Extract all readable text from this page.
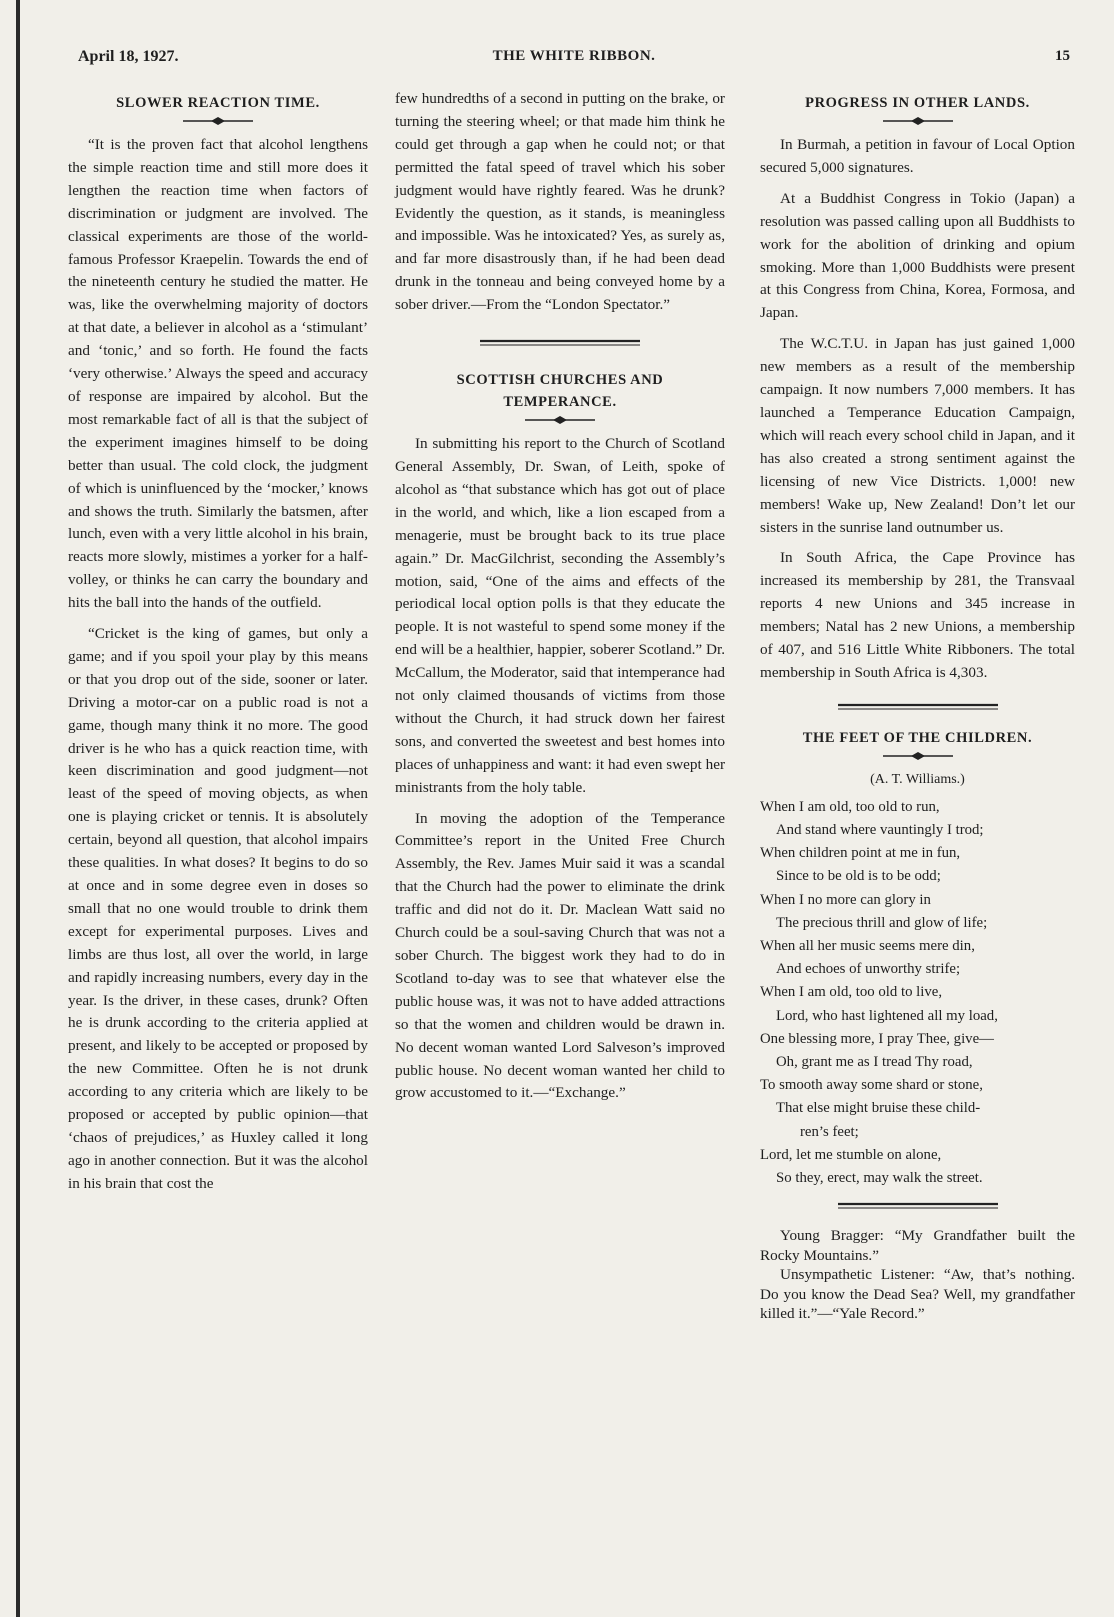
April 18, 1927.	THE WHITE RIBBON.	15
SLOWER REACTION TIME.

“It is the proven fact that alcohol lengthens the simple reaction time and still more does it lengthen the reaction time when factors of discrimination or judgment are involved. The classical experiments are those of the world-famous Professor Kraepelin. Towards the end of the nineteenth century he studied the matter. He was, like the overwhelming majority of doctors at that date, a believer in alcohol as a ‘stimulant’ and ‘tonic,’ and so forth. He found the facts ‘very otherwise.’ Always the speed and accuracy of response are impaired by alcohol. But the most remarkable fact of all is that the subject of the experiment imagines himself to be doing better than usual. The cold clock, the judgment of which is uninfluenced by the ‘mocker,’ knows and shows the truth. Similarly the batsmen, after lunch, even with a very little alcohol in his brain, reacts more slowly, mistimes a yorker for a half-volley, or thinks he can carry the boundary and hits the ball into the hands of the outfield.

“Cricket is the king of games, but only a game; and if you spoil your play by this means or that you drop out of the side, sooner or later. Driving a motor-car on a public road is not a game, though many think it no more. The good driver is he who has a quick reaction time, with keen discrimination and good judgment—not least of the speed of moving objects, as when one is playing cricket or tennis. It is absolutely certain, beyond all question, that alcohol impairs these qualities. In what doses? It begins to do so at once and in some degree even in doses so small that no one would trouble to drink them except for experimental purposes. Lives and limbs are thus lost, all over the world, in large and rapidly increasing numbers, every day in the year. Is the driver, in these cases, drunk? Often he is drunk according to the criteria applied at present, and likely to be accepted or proposed by the new Committee. Often he is not drunk according to any criteria which are likely to be proposed or accepted by public opinion—that ‘chaos of prejudices,’ as Huxley called it long ago in another connection. But it was the alcohol in his brain that cost the

few hundredths of a second in putting on the brake, or turning the steering wheel; or that made him think he could get through a gap when he could not; or that permitted the fatal speed of travel which his sober judgment would have rightly feared. Was he drunk? Evidently the question, as it stands, is meaningless and impossible. Was he intoxicated? Yes, as surely as, and far more disastrously than, if he had been dead drunk in the tonneau and being conveyed home by a sober driver.—From the “London Spectator.”

SCOTTISH CHURCHES AND
TEMPERANCE.

In submitting his report to the Church of Scotland General Assembly, Dr. Swan, of Leith, spoke of alcohol as “that substance which has got out of place in the world, and which, like a lion escaped from a menagerie, must be brought back to its true place again.” Dr. MacGilchrist, seconding the Assembly’s motion, said, “One of the aims and effects of the periodical local option polls is that they educate the people. It is not wasteful to spend some money if the end will be a healthier, happier, soberer Scotland.” Dr. McCallum, the Moderator, said that intemperance had not only claimed thousands of victims from those without the Church, it had struck down her fairest sons, and converted the sweetest and best homes into places of unhappiness and want: it had even swept her ministrants from the holy table.

In moving the adoption of the Temperance Committee’s report in the United Free Church Assembly, the Rev. James Muir said it was a scandal that the Church had the power to eliminate the drink traffic and did not do it. Dr. Maclean Watt said no Church could be a soul-saving Church that was not a sober Church. The biggest work they had to do in Scotland to-day was to see that whatever else the public house was, it was not to have added attractions so that the women and children would be drawn in. No decent woman wanted Lord Salveson’s improved public house. No decent woman wanted her child to grow accustomed to it.—“Exchange.”

PROGRESS IN OTHER LANDS.

In Burmah, a petition in favour of Local Option secured 5,000 signatures.

At a Buddhist Congress in Tokio (Japan) a resolution was passed calling upon all Buddhists to work for the abolition of drinking and opium smoking. More than 1,000 Buddhists were present at this Congress from China, Korea, Formosa, and Japan.

The W.C.T.U. in Japan has just gained 1,000 new members as a result of the membership campaign. It now numbers 7,000 members. It has launched a Temperance Education Campaign, which will reach every school child in Japan, and it has also created a strong sentiment against the licensing of new Vice Districts. 1,000! new members! Wake up, New Zealand! Don’t let our sisters in the sunrise land outnumber us.

In South Africa, the Cape Province has increased its membership by 281, the Transvaal reports 4 new Unions and 345 increase in members; Natal has 2 new Unions, a membership of 407, and 516 Little White Ribboners. The total membership in South Africa is 4,303.

THE FEET OF THE CHILDREN.
(A. T. Williams.)
When I am old, too old to run,
And stand where vauntingly I trod;
When children point at me in fun,
Since to be old is to be odd;
When I no more can glory in
The precious thrill and glow of life;
When all her music seems mere din,
And echoes of unworthy strife;
When I am old, too old to live,
Lord, who hast lightened all my load,
One blessing more, I pray Thee, give—
Oh, grant me as I tread Thy road,
To smooth away some shard or stone,
That else might bruise these child-
ren’s feet;
Lord, let me stumble on alone,
So they, erect, may walk the street.

Young Bragger: “My Grandfather built the Rocky Mountains.”

Unsympathetic Listener: “Aw, that’s nothing. Do you know the Dead Sea? Well, my grandfather killed it.”—“Yale Record.”
